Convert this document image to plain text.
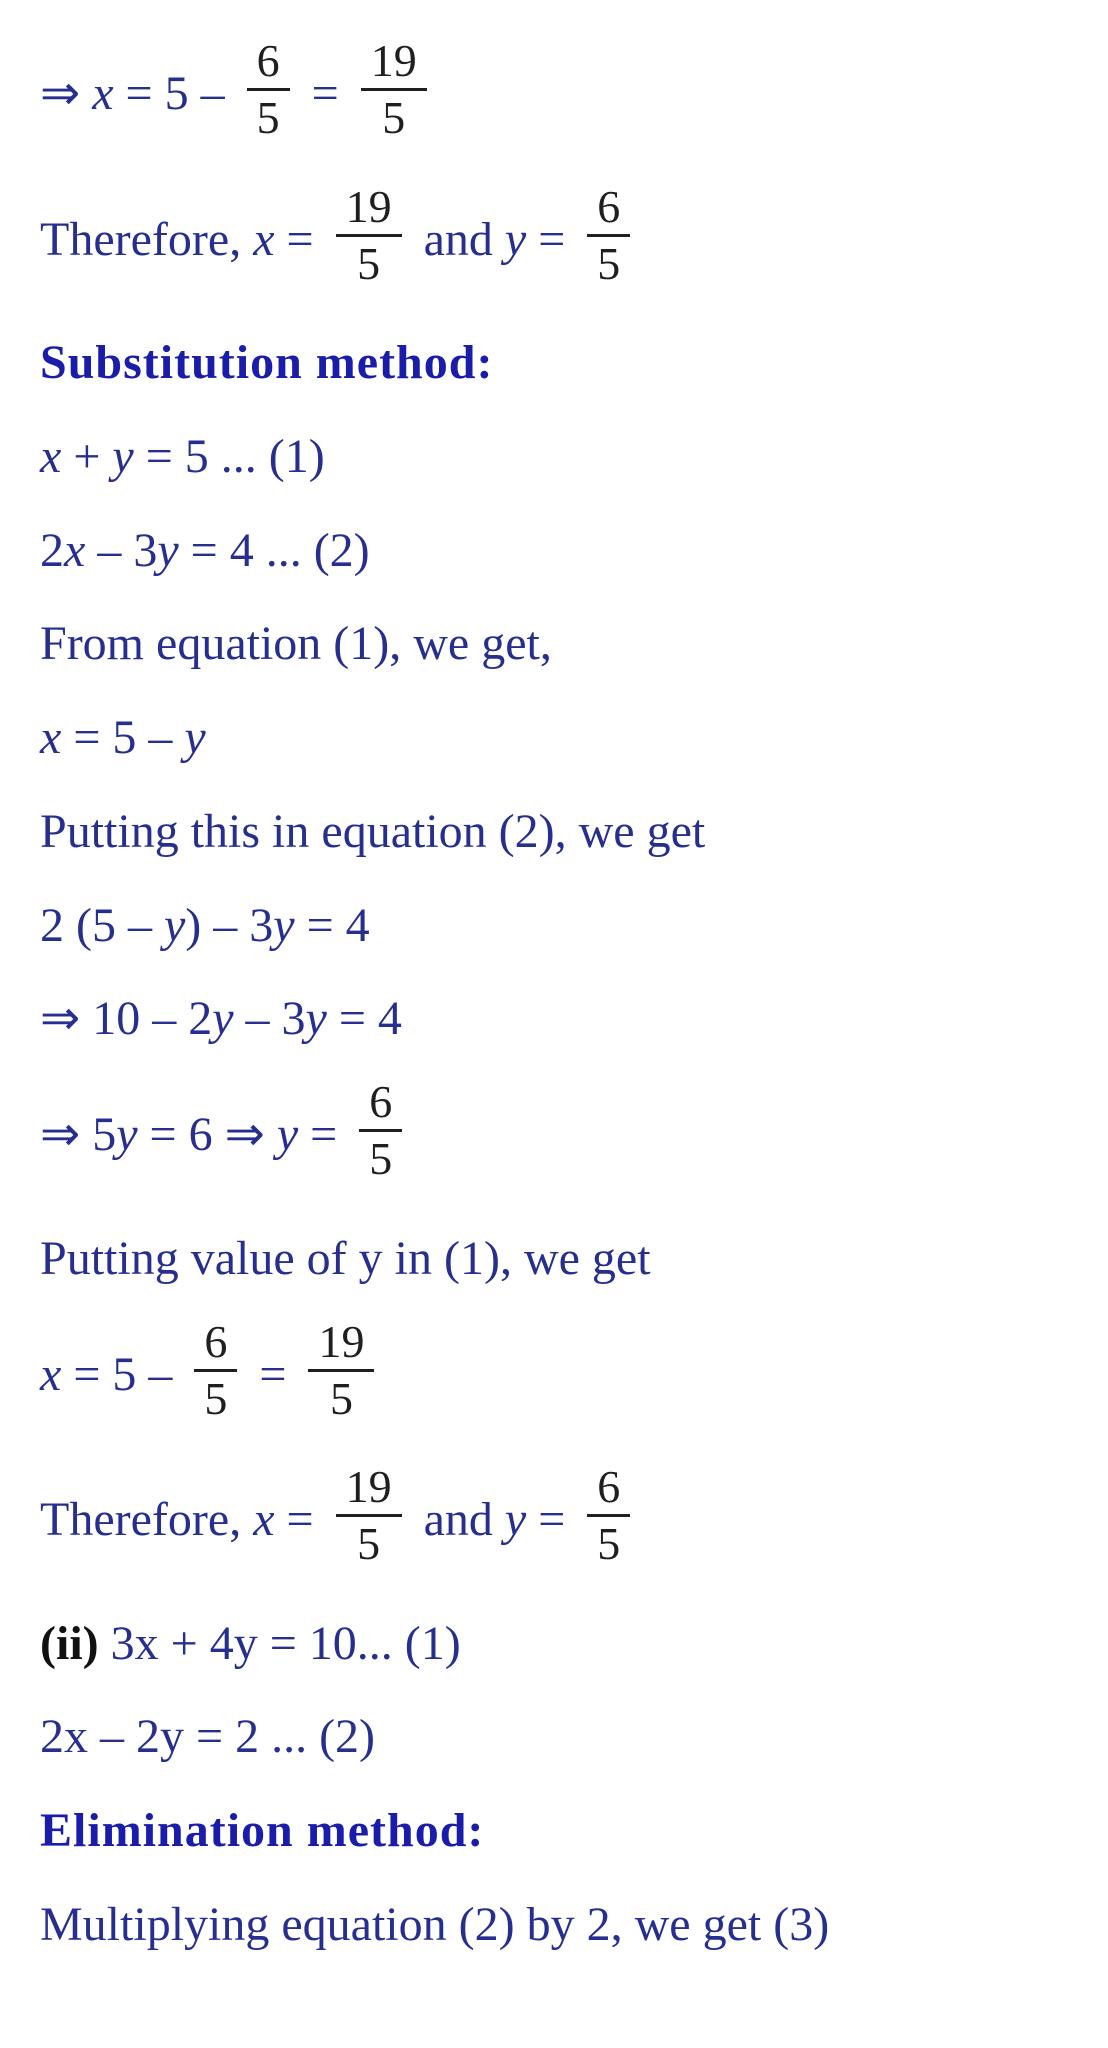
⇒ $x = 5 - \frac{6}{5} = \frac{19}{5}$
Therefore, $x = \frac{19}{5}$ and $y = \frac{6}{5}$
Substitution method:
x + y = 5 ... (1)
2x – 3y = 4 ... (2)
From equation (1), we get,
x = 5 – y
Putting this in equation (2), we get
2 (5 – y) – 3y = 4
⇒ 10 – 2y – 3y = 4
⇒ 5y = 6 ⇒ $y = \frac{6}{5}$
Putting value of y in (1), we get
$x = 5 - \frac{6}{5} = \frac{19}{5}$
Therefore, $x = \frac{19}{5}$ and $y = \frac{6}{5}$
(ii) 3x + 4y = 10... (1)
2x – 2y = 2 ... (2)
Elimination method:
Multiplying equation (2) by 2, we get (3)
